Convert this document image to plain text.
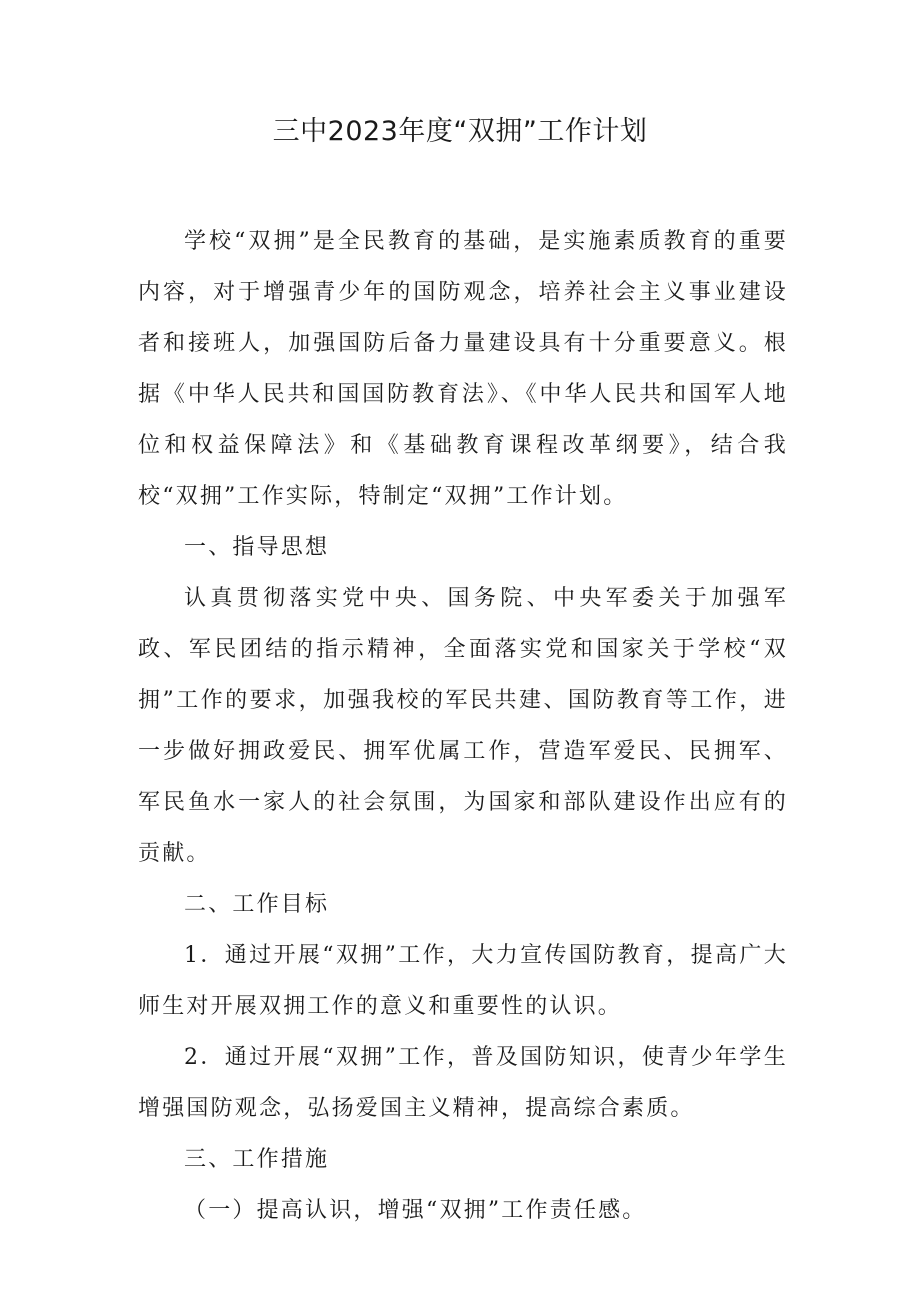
三中2023年度“双拥”工作计划

学校“双拥”是全民教育的基础，是实施素质教育的重要内容，对于增强青少年的国防观念，培养社会主义事业建设者和接班人，加强国防后备力量建设具有十分重要意义。根据《中华人民共和国国防教育法》、《中华人民共和国军人地位和权益保障法》和《基础教育课程改革纲要》，结合我校“双拥”工作实际，特制定“双拥”工作计划。

一、指导思想

认真贯彻落实党中央、国务院、中央军委关于加强军政、军民团结的指示精神，全面落实党和国家关于学校“双拥”工作的要求，加强我校的军民共建、国防教育等工作，进一步做好拥政爱民、拥军优属工作，营造军爱民、民拥军、军民鱼水一家人的社会氛围，为国家和部队建设作出应有的贡献。

二、工作目标

1．通过开展“双拥”工作，大力宣传国防教育，提高广大师生对开展双拥工作的意义和重要性的认识。

2．通过开展“双拥”工作，普及国防知识，使青少年学生增强国防观念，弘扬爱国主义精神，提高综合素质。

三、工作措施

（一）提高认识，增强“双拥”工作责任感。
